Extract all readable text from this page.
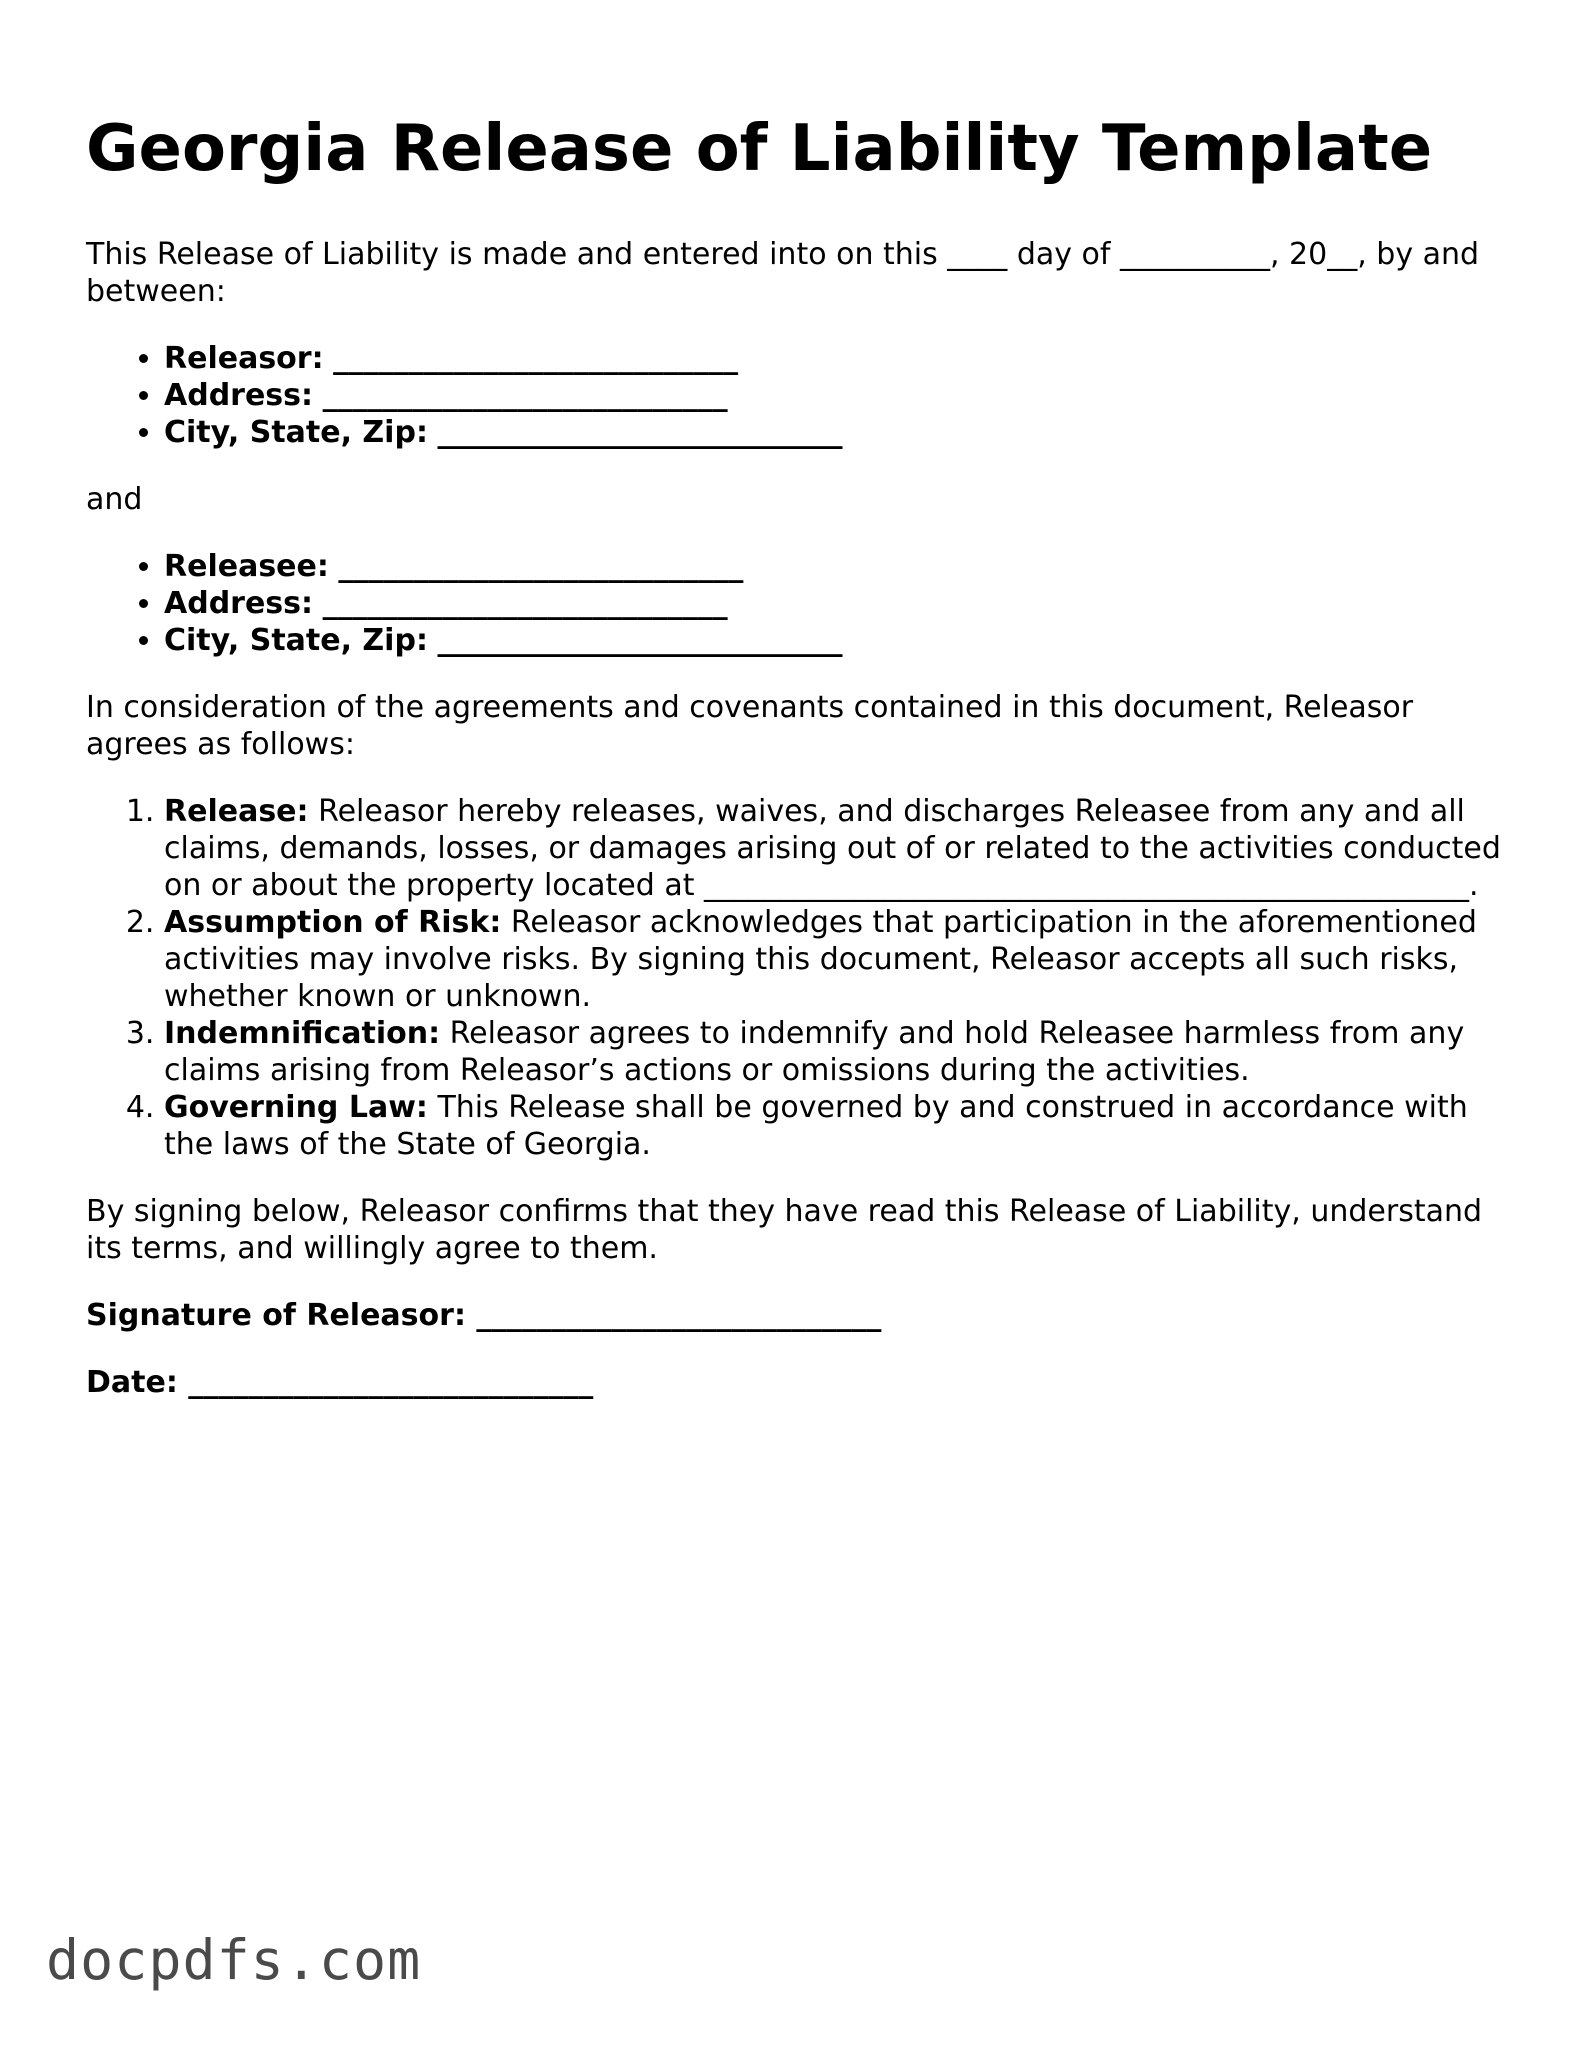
Georgia Release of Liability Template

This Release of Liability is made and entered into on this ____ day of __________, 20__, by and between:

• Releasor: ___________________________
• Address: ___________________________
• City, State, Zip: ___________________________

and

• Releasee: ___________________________
• Address: ___________________________
• City, State, Zip: ___________________________

In consideration of the agreements and covenants contained in this document, Releasor agrees as follows:

1. Release: Releasor hereby releases, waives, and discharges Releasee from any and all claims, demands, losses, or damages arising out of or related to the activities conducted on or about the property located at ___________________________________________________.
2. Assumption of Risk: Releasor acknowledges that participation in the aforementioned activities may involve risks. By signing this document, Releasor accepts all such risks, whether known or unknown.
3. Indemnification: Releasor agrees to indemnify and hold Releasee harmless from any claims arising from Releasor’s actions or omissions during the activities.
4. Governing Law: This Release shall be governed by and construed in accordance with the laws of the State of Georgia.

By signing below, Releasor confirms that they have read this Release of Liability, understand its terms, and willingly agree to them.

Signature of Releasor: ___________________________
Date: ___________________________
docpdfs.com
